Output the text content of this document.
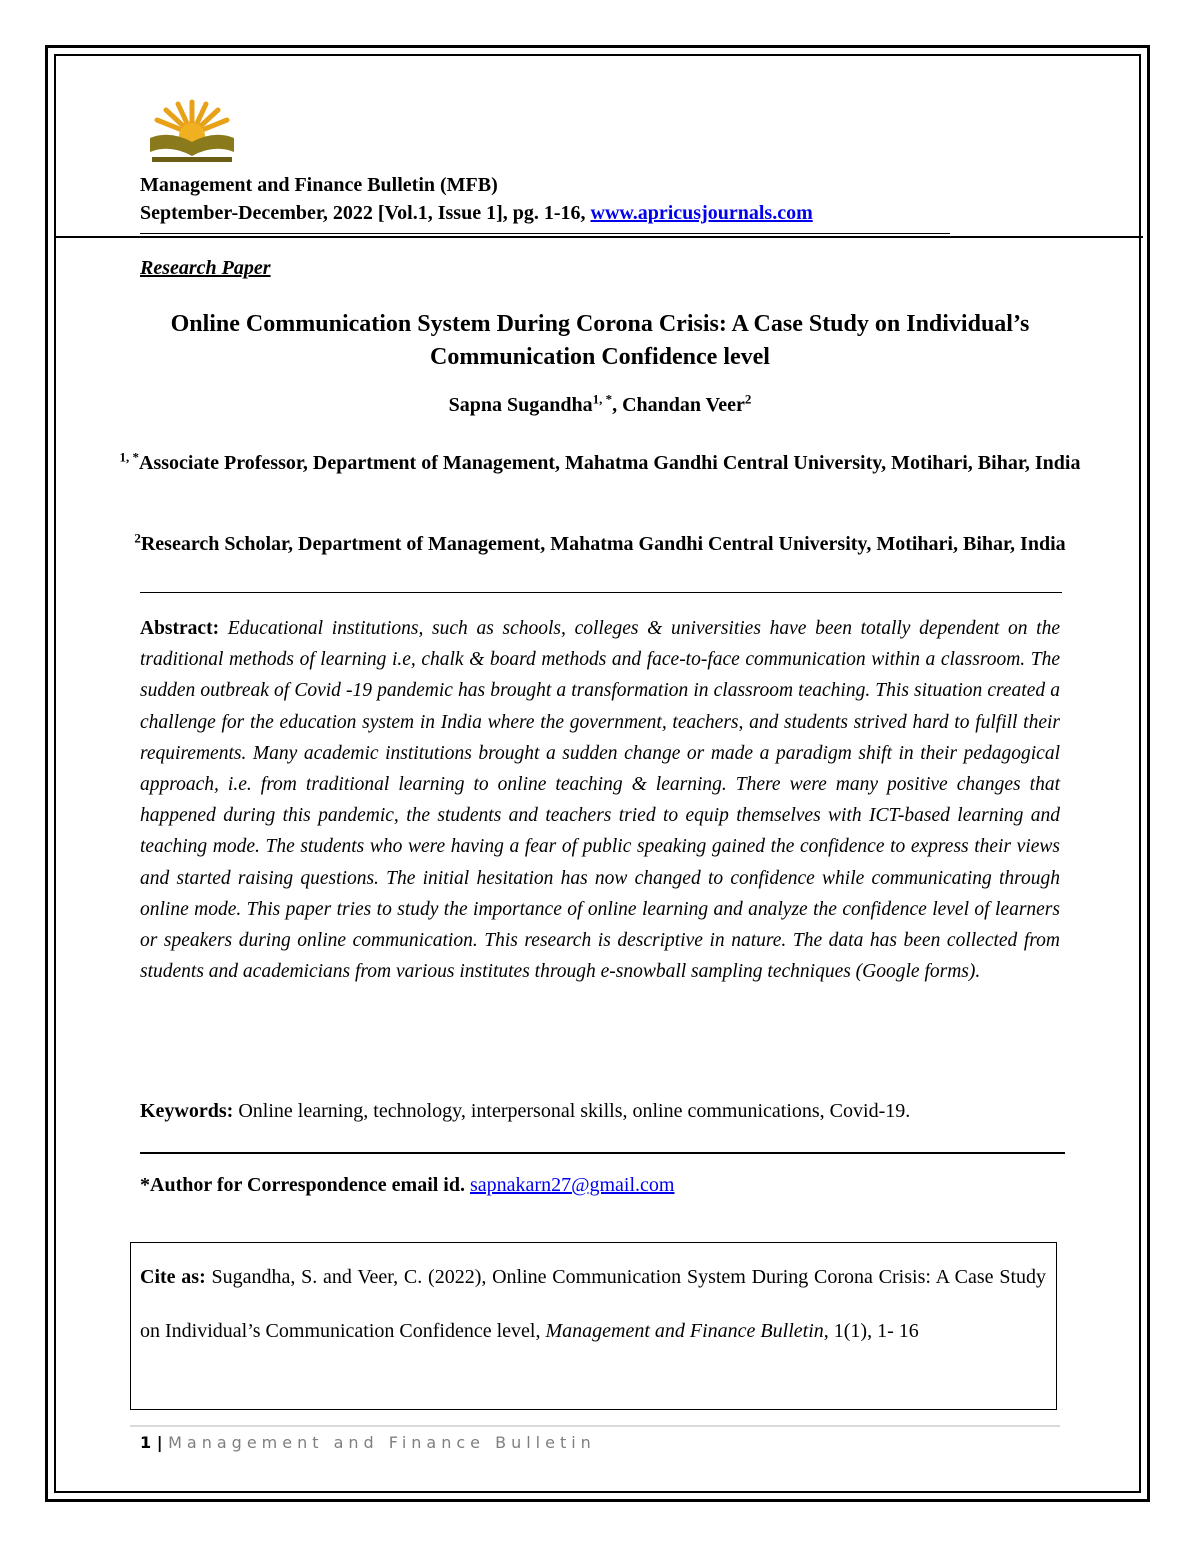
Management and Finance Bulletin (MFB)

September-December, 2022 [Vol.1, Issue 1], pg. 1-16, www.apricusjournals.com

Research Paper

Online Communication System During Corona Crisis: A Case Study on Individual’s Communication Confidence level

Sapna Sugandha$^{1, *}$, Chandan Veer$^2$

$^{1, *}$Associate Professor, Department of Management, Mahatma Gandhi Central University, Motihari, Bihar, India

$^2$Research Scholar, Department of Management, Mahatma Gandhi Central University, Motihari, Bihar, India

Abstract: Educational institutions, such as schools, colleges & universities have been totally dependent on the traditional methods of learning i.e, chalk & board methods and face-to-face communication within a classroom. The sudden outbreak of Covid -19 pandemic has brought a transformation in classroom teaching. This situation created a challenge for the education system in India where the government, teachers, and students strived hard to fulfill their requirements. Many academic institutions brought a sudden change or made a paradigm shift in their pedagogical approach, i.e. from traditional learning to online teaching & learning. There were many positive changes that happened during this pandemic, the students and teachers tried to equip themselves with ICT-based learning and teaching mode. The students who were having a fear of public speaking gained the confidence to express their views and started raising questions. The initial hesitation has now changed to confidence while communicating through online mode. This paper tries to study the importance of online learning and analyze the confidence level of learners or speakers during online communication. This research is descriptive in nature. The data has been collected from students and academicians from various institutes through e-snowball sampling techniques (Google forms).

Keywords: Online learning, technology, interpersonal skills, online communications, Covid-19.

*Author for Correspondence email id. sapnakarn27@gmail.com

Cite as: Sugandha, S. and Veer, C. (2022), Online Communication System During Corona Crisis: A Case Study on Individual’s Communication Confidence level, Management and Finance Bulletin, 1(1), 1- 16

1 | Management and Finance Bulletin
